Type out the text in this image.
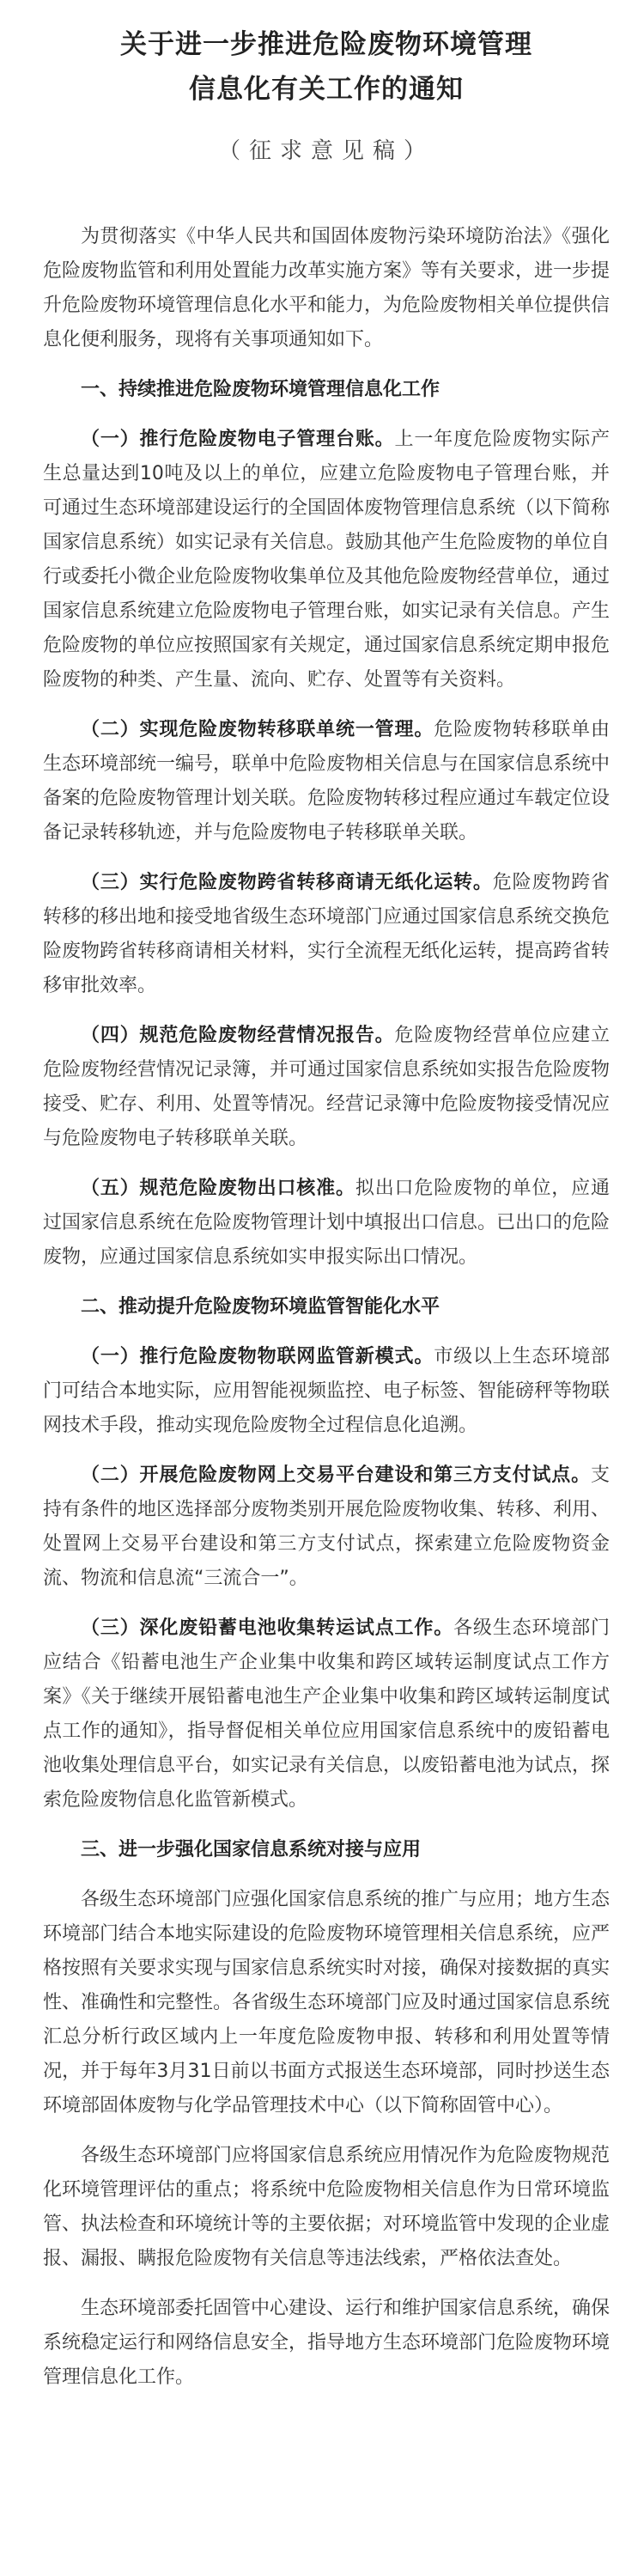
关于进一步推进危险废物环境管理
信息化有关工作的通知
（征求意见稿）

为贯彻落实《中华人民共和国固体废物污染环境防治法》《强化危险废物监管和利用处置能力改革实施方案》等有关要求，进一步提升危险废物环境管理信息化水平和能力，为危险废物相关单位提供信息化便利服务，现将有关事项通知如下。

一、持续推进危险废物环境管理信息化工作

（一）推行危险废物电子管理台账。上一年度危险废物实际产生总量达到10吨及以上的单位，应建立危险废物电子管理台账，并可通过生态环境部建设运行的全国固体废物管理信息系统（以下简称国家信息系统）如实记录有关信息。鼓励其他产生危险废物的单位自行或委托小微企业危险废物收集单位及其他危险废物经营单位，通过国家信息系统建立危险废物电子管理台账，如实记录有关信息。产生危险废物的单位应按照国家有关规定，通过国家信息系统定期申报危险废物的种类、产生量、流向、贮存、处置等有关资料。

（二）实现危险废物转移联单统一管理。危险废物转移联单由生态环境部统一编号，联单中危险废物相关信息与在国家信息系统中备案的危险废物管理计划关联。危险废物转移过程应通过车载定位设备记录转移轨迹，并与危险废物电子转移联单关联。

（三）实行危险废物跨省转移商请无纸化运转。危险废物跨省转移的移出地和接受地省级生态环境部门应通过国家信息系统交换危险废物跨省转移商请相关材料，实行全流程无纸化运转，提高跨省转移审批效率。

（四）规范危险废物经营情况报告。危险废物经营单位应建立危险废物经营情况记录簿，并可通过国家信息系统如实报告危险废物接受、贮存、利用、处置等情况。经营记录簿中危险废物接受情况应与危险废物电子转移联单关联。

（五）规范危险废物出口核准。拟出口危险废物的单位，应通过国家信息系统在危险废物管理计划中填报出口信息。已出口的危险废物，应通过国家信息系统如实申报实际出口情况。

二、推动提升危险废物环境监管智能化水平

（一）推行危险废物物联网监管新模式。市级以上生态环境部门可结合本地实际，应用智能视频监控、电子标签、智能磅秤等物联网技术手段，推动实现危险废物全过程信息化追溯。

（二）开展危险废物网上交易平台建设和第三方支付试点。支持有条件的地区选择部分废物类别开展危险废物收集、转移、利用、处置网上交易平台建设和第三方支付试点，探索建立危险废物资金流、物流和信息流“三流合一”。

（三）深化废铅蓄电池收集转运试点工作。各级生态环境部门应结合《铅蓄电池生产企业集中收集和跨区域转运制度试点工作方案》《关于继续开展铅蓄电池生产企业集中收集和跨区域转运制度试点工作的通知》，指导督促相关单位应用国家信息系统中的废铅蓄电池收集处理信息平台，如实记录有关信息，以废铅蓄电池为试点，探索危险废物信息化监管新模式。

三、进一步强化国家信息系统对接与应用

各级生态环境部门应强化国家信息系统的推广与应用；地方生态环境部门结合本地实际建设的危险废物环境管理相关信息系统，应严格按照有关要求实现与国家信息系统实时对接，确保对接数据的真实性、准确性和完整性。各省级生态环境部门应及时通过国家信息系统汇总分析行政区域内上一年度危险废物申报、转移和利用处置等情况，并于每年3月31日前以书面方式报送生态环境部，同时抄送生态环境部固体废物与化学品管理技术中心（以下简称固管中心）。

各级生态环境部门应将国家信息系统应用情况作为危险废物规范化环境管理评估的重点；将系统中危险废物相关信息作为日常环境监管、执法检查和环境统计等的主要依据；对环境监管中发现的企业虚报、漏报、瞒报危险废物有关信息等违法线索，严格依法查处。

生态环境部委托固管中心建设、运行和维护国家信息系统，确保系统稳定运行和网络信息安全，指导地方生态环境部门危险废物环境管理信息化工作。
